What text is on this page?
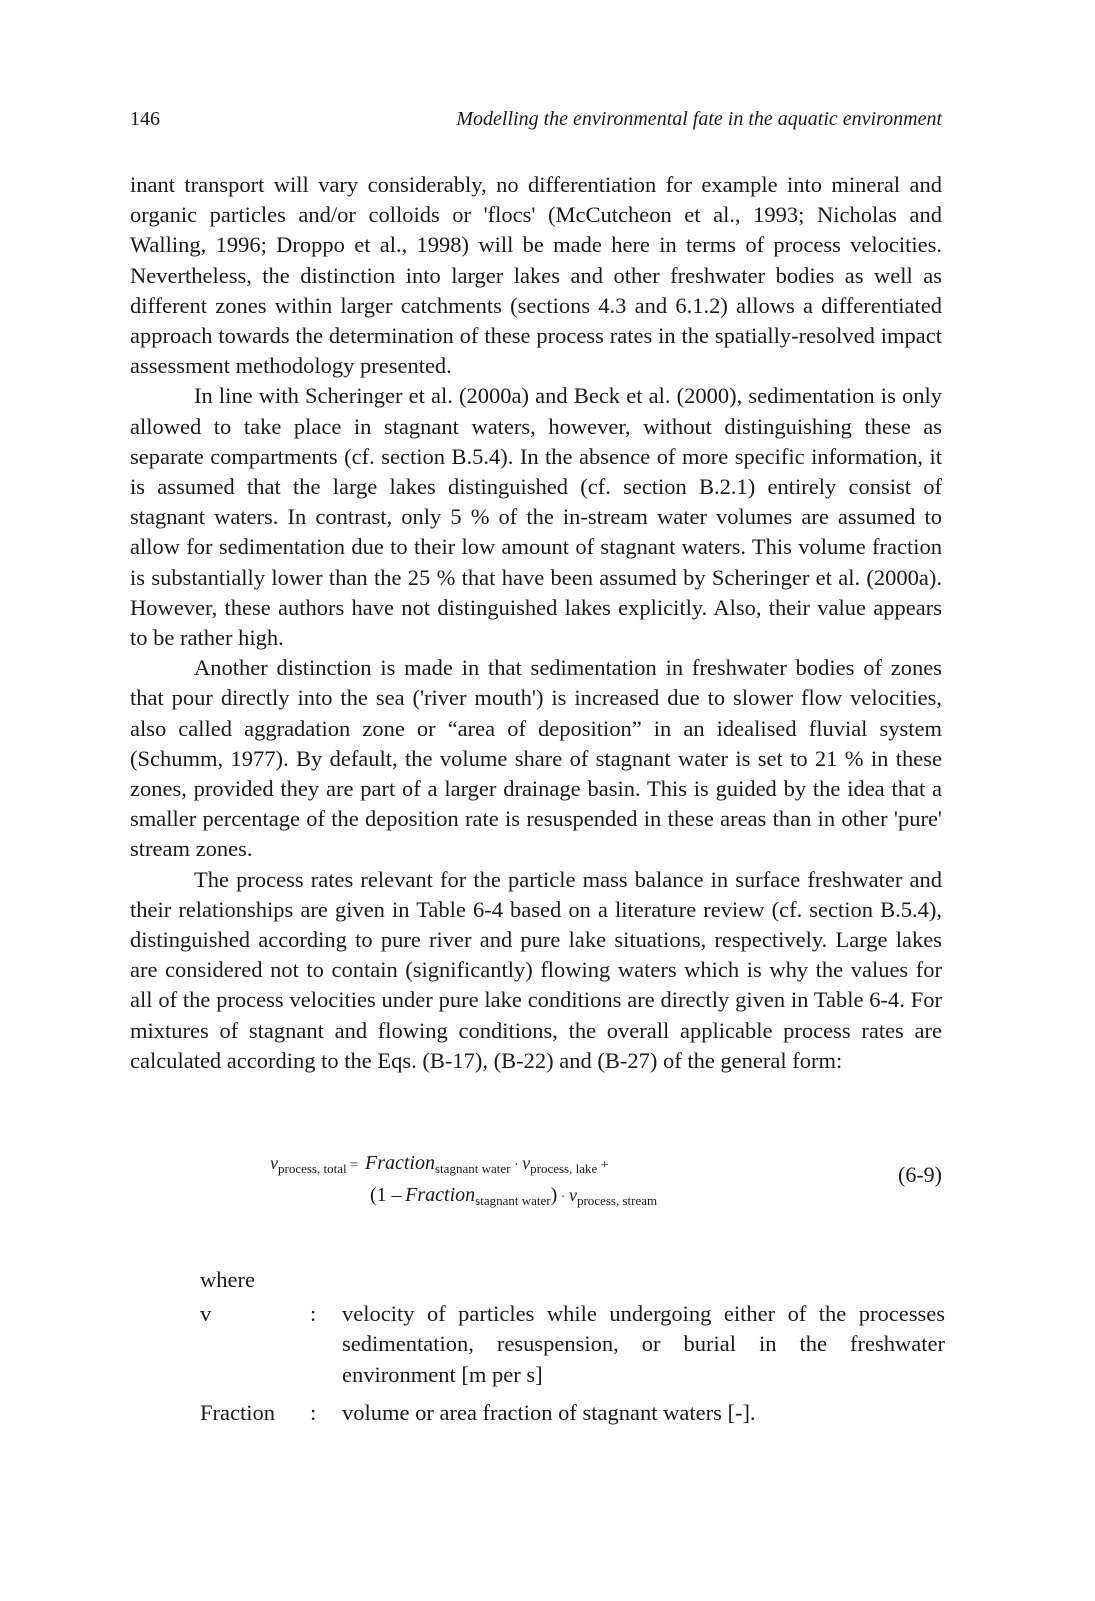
146	Modelling the environmental fate in the aquatic environment

inant transport will vary considerably, no differentiation for example into mineral and organic particles and/or colloids or 'flocs' (McCutcheon et al., 1993; Nicholas and Walling, 1996; Droppo et al., 1998) will be made here in terms of process velocities. Nevertheless, the distinction into larger lakes and other freshwater bodies as well as different zones within larger catchments (sections 4.3 and 6.1.2) allows a differentiated approach towards the determination of these process rates in the spatially-resolved impact assessment methodology presented.

In line with Scheringer et al. (2000a) and Beck et al. (2000), sedimentation is only allowed to take place in stagnant waters, however, without distinguishing these as separate compartments (cf. section B.5.4). In the absence of more specific information, it is assumed that the large lakes distinguished (cf. section B.2.1) entirely consist of stagnant waters. In contrast, only 5 % of the in-stream water volumes are assumed to allow for sedimentation due to their low amount of stagnant waters. This volume fraction is substantially lower than the 25 % that have been assumed by Scheringer et al. (2000a). However, these authors have not distinguished lakes explicitly. Also, their value appears to be rather high.

Another distinction is made in that sedimentation in freshwater bodies of zones that pour directly into the sea ('river mouth') is increased due to slower flow velocities, also called aggradation zone or “area of deposition” in an idealised fluvial system (Schumm, 1977). By default, the volume share of stagnant water is set to 21 % in these zones, provided they are part of a larger drainage basin. This is guided by the idea that a smaller percentage of the deposition rate is resuspended in these areas than in other 'pure' stream zones.

The process rates relevant for the particle mass balance in surface freshwater and their relationships are given in Table 6-4 based on a literature review (cf. section B.5.4), distinguished according to pure river and pure lake situations, respectively. Large lakes are considered not to contain (significantly) flowing waters which is why the values for all of the process velocities under pure lake conditions are directly given in Table 6-4. For mixtures of stagnant and flowing conditions, the overall applicable process rates are calculated according to the Eqs. (B-17), (B-22) and (B-27) of the general form:

vprocess, total = Fractionstagnant water · vprocess, lake +
(1 – Fractionstagnant water) · vprocess, stream
(6-9)
where
v	:	velocity of particles while undergoing either of the processes sedimentation, resuspension, or burial in the freshwater environment [m per s]
Fraction	:	volume or area fraction of stagnant waters [-].
